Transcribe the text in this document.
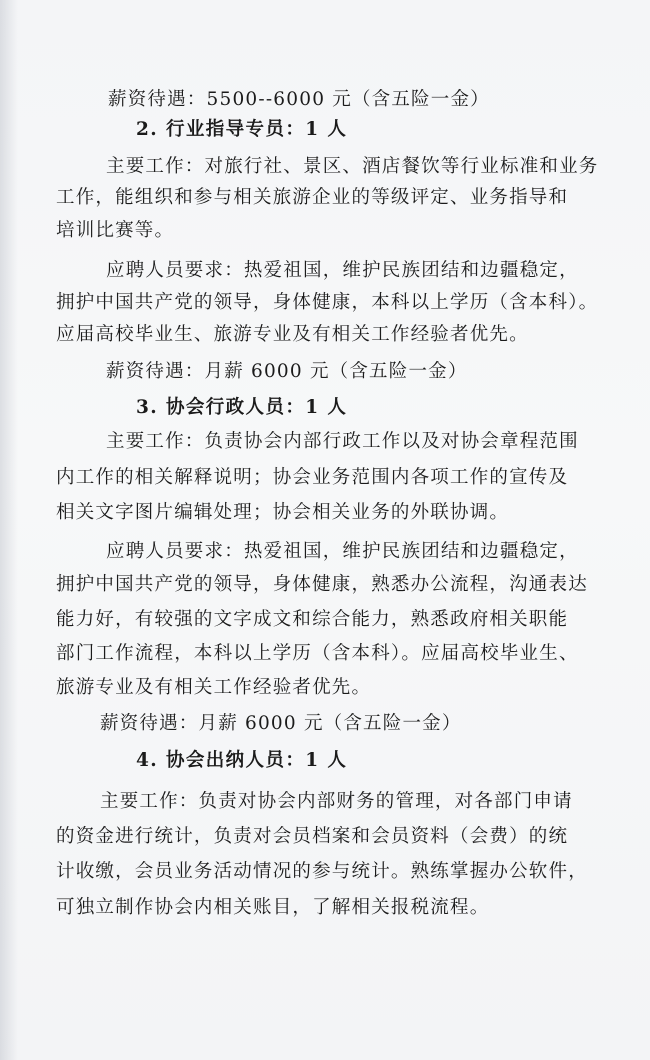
薪资待遇：5500--6000 元（含五险一金）
2. 行业指导专员：1 人
主要工作：对旅行社、景区、酒店餐饮等行业标准和业务
工作，能组织和参与相关旅游企业的等级评定、业务指导和
培训比赛等。
应聘人员要求：热爱祖国，维护民族团结和边疆稳定，
拥护中国共产党的领导，身体健康，本科以上学历（含本科）。
应届高校毕业生、旅游专业及有相关工作经验者优先。
薪资待遇：月薪 6000 元（含五险一金）
3. 协会行政人员：1 人
主要工作：负责协会内部行政工作以及对协会章程范围
内工作的相关解释说明；协会业务范围内各项工作的宣传及
相关文字图片编辑处理；协会相关业务的外联协调。
应聘人员要求：热爱祖国，维护民族团结和边疆稳定，
拥护中国共产党的领导，身体健康，熟悉办公流程，沟通表达
能力好，有较强的文字成文和综合能力，熟悉政府相关职能
部门工作流程，本科以上学历（含本科）。应届高校毕业生、
旅游专业及有相关工作经验者优先。
薪资待遇：月薪 6000 元（含五险一金）
4. 协会出纳人员：1 人
主要工作：负责对协会内部财务的管理，对各部门申请
的资金进行统计，负责对会员档案和会员资料（会费）的统
计收缴，会员业务活动情况的参与统计。熟练掌握办公软件，
可独立制作协会内相关账目，了解相关报税流程。
